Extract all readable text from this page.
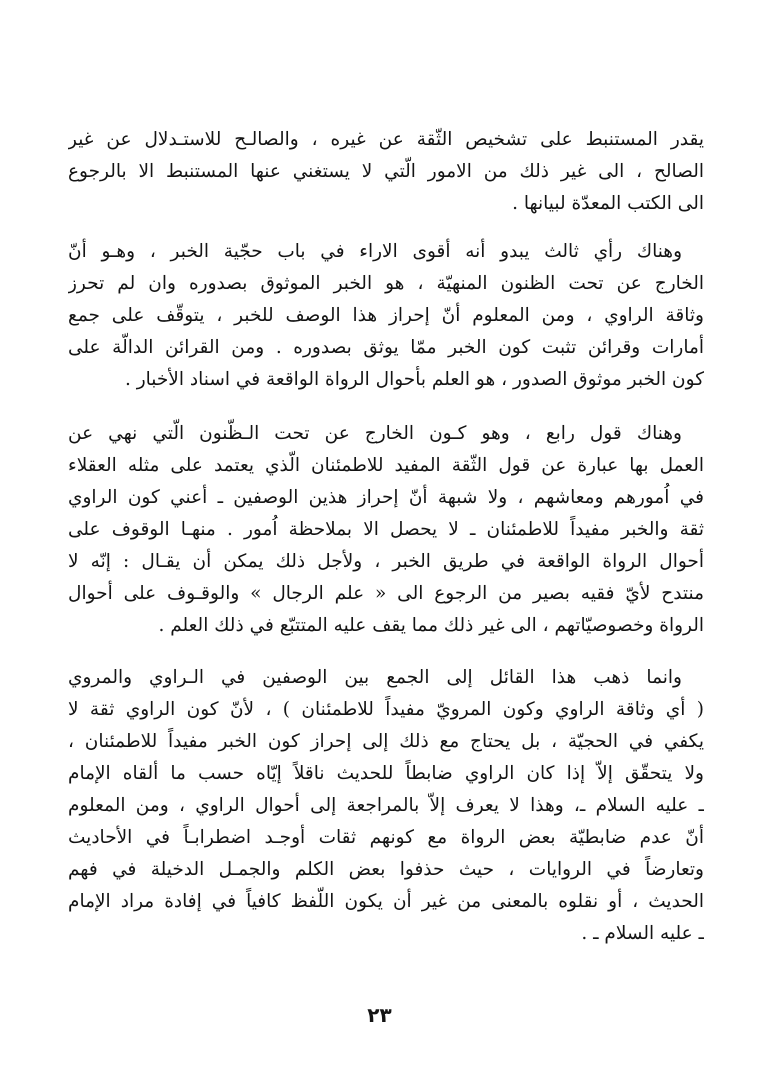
يقدر المستنبط على تشخيص الثّقة عن غيره ، والصالـح للاستـدلال عن غير
الصالح ، الى غير ذلك من الامور الّتي لا يستغني عنها المستنبط الا بالرجوع
الى الكتب المعدّة لبيانها .
وهناك رأي ثالث يبدو أنه أقوى الاراء في باب حجّية الخبر ، وهـو أنّ
الخارج عن تحت الظنون المنهيّة ، هو الخبر الموثوق بصدوره وان لم تحرز
وثاقة الراوي ، ومن المعلوم أنّ إحراز هذا الوصف للخبر ، يتوقّف على جمع
أمارات وقرائن تثبت كون الخبر ممّا يوثق بصدوره . ومن القرائن الدالّة على
كون الخبر موثوق الصدور ، هو العلم بأحوال الرواة الواقعة في اسناد الأخبار .
وهناك قول رابع ، وهو كـون الخارج عن تحت الـظّنون الّتي نهي عن
العمل بها عبارة عن قول الثّقة المفيد للاطمئنان الّذي يعتمد على مثله العقلاء
في اُمورهم ومعاشهم ، ولا شبهة أنّ إحراز هذين الوصفين ـ أعني كون الراوي
ثقة والخبر مفيداً للاطمئنان ـ لا يحصل الا بملاحظة اُمور . منهـا الوقوف على
أحوال الرواة الواقعة في طريق الخبر ، ولأجل ذلك يمكن أن يقـال : إنّه لا
منتدح لأيّ فقيه بصير من الرجوع الى « علم الرجال » والوقـوف على أحوال
الرواة وخصوصيّاتهم ، الى غير ذلك مما يقف عليه المتتبّع في ذلك العلم .
وانما ذهب هذا القائل إلى الجمع بين الوصفين في الـراوي والمروي
( أي وثاقة الراوي وكون المرويّ مفيداً للاطمئنان ) ، لأنّ كون الراوي ثقة لا
يكفي في الحجيّة ، بل يحتاج مع ذلك إلى إحراز كون الخبر مفيداً للاطمئنان ،
ولا يتحقّق إلاّ إذا كان الراوي ضابطاً للحديث ناقلاً إيّاه حسب ما ألقاه الإمام
ـ عليه السلام ـ، وهذا لا يعرف إلاّ بالمراجعة إلى أحوال الراوي ، ومن المعلوم
أنّ عدم ضابطيّة بعض الرواة مع كونهم ثقات أوجـد اضطرابـاً في الأحاديث
وتعارضاً في الروايات ، حيث حذفوا بعض الكلم والجمـل الدخيلة في فهم
الحديث ، أو نقلوه بالمعنى من غير أن يكون اللّفظ كافياً في إفادة مراد الإمام
ـ عليه السلام ـ .
٢٣
